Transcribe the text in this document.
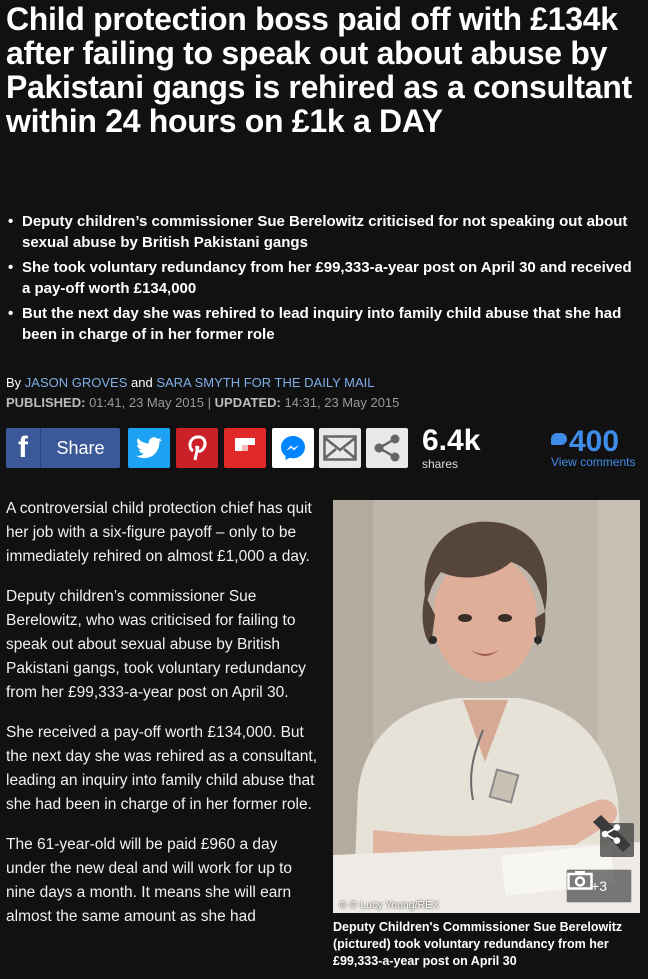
Child protection boss paid off with £134k after failing to speak out about abuse by Pakistani gangs is rehired as a consultant within 24 hours on £1k a DAY
• Deputy children’s commissioner Sue Berelowitz criticised for not speaking out about sexual abuse by British Pakistani gangs
• She took voluntary redundancy from her £99,333-a-year post on April 30 and received a pay-off worth £134,000
• But the next day she was rehired to lead inquiry into family child abuse that she had been in charge of in her former role
By JASON GROVES and SARA SMYTH FOR THE DAILY MAIL
PUBLISHED: 01:41, 23 May 2015 | UPDATED: 14:31, 23 May 2015
f	Share	6.4k
shares
400
View comments

A controversial child protection chief has quit her job with a six-figure payoff – only to be immediately rehired on almost £1,000 a day.

Deputy children’s commissioner Sue Berelowitz, who was criticised for failing to speak out about sexual abuse by British Pakistani gangs, took voluntary redundancy from her £99,333-a-year post on April 30.

She received a pay-off worth £134,000. But the next day she was rehired as a consultant, leading an inquiry into family child abuse that she had been in charge of in her former role.

The 61-year-old will be paid £960 a day under the new deal and will work for up to nine days a month. It means she will earn almost the same amount as she had

+3
© © Lucy Young/REX
Deputy Children's Commissioner Sue Berelowitz (pictured) took voluntary redundancy from her £99,333-a-year post on April 30
